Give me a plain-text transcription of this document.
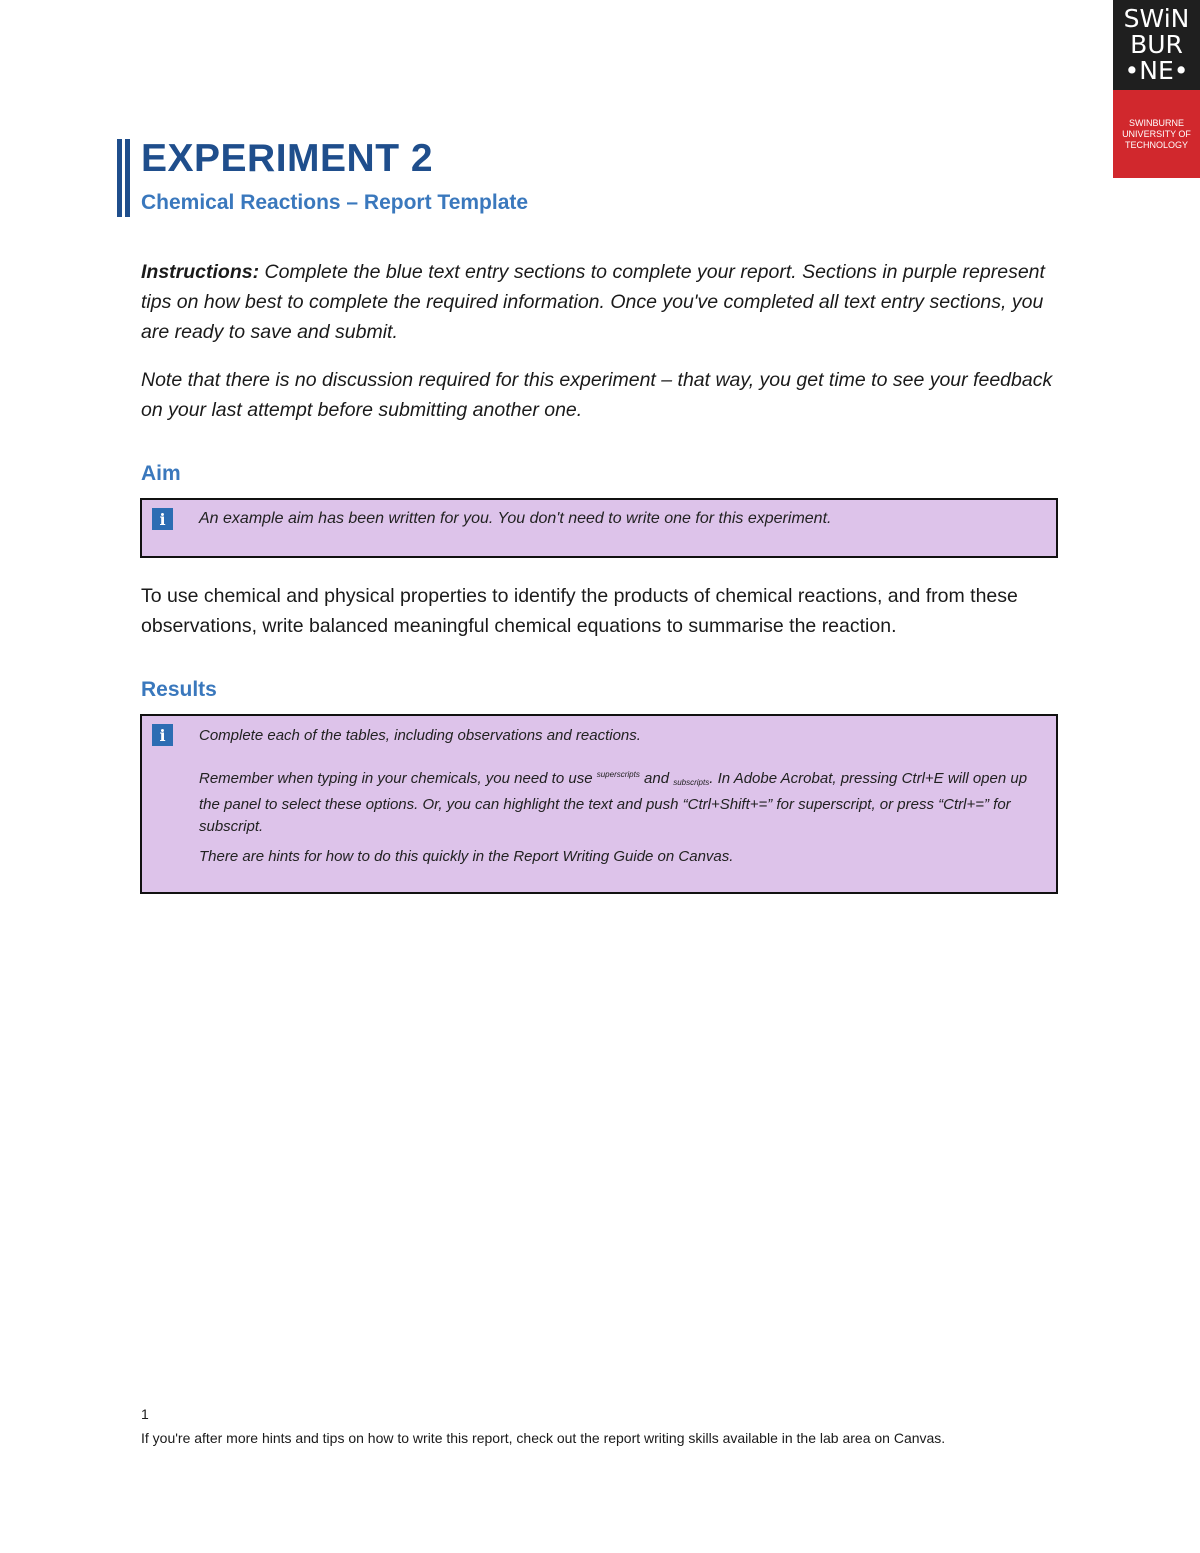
SWiN
BUR
•NE•
SWINBURNE
UNIVERSITY OF
TECHNOLOGY
EXPERIMENT 2
Chemical Reactions – Report Template

Instructions: Complete the blue text entry sections to complete your report. Sections in purple represent tips on how best to complete the required information. Once you've completed all text entry sections, you are ready to save and submit.

Note that there is no discussion required for this experiment – that way, you get time to see your feedback on your last attempt before submitting another one.

Aim
i	An example aim has been written for you. You don't need to write one for this experiment.

To use chemical and physical properties to identify the products of chemical reactions, and from these observations, write balanced meaningful chemical equations to summarise the reaction.

Results
i	Complete each of the tables, including observations and reactions.

Remember when typing in your chemicals, you need to use $^{superscripts}$ and $_{subscripts}$. In Adobe Acrobat, pressing Ctrl+E will open up the panel to select these options. Or, you can highlight the text and push “Ctrl+Shift+=” for superscript, or press “Ctrl+=” for subscript.

There are hints for how to do this quickly in the Report Writing Guide on Canvas.

1

If you're after more hints and tips on how to write this report, check out the report writing skills available in the lab area on Canvas.
